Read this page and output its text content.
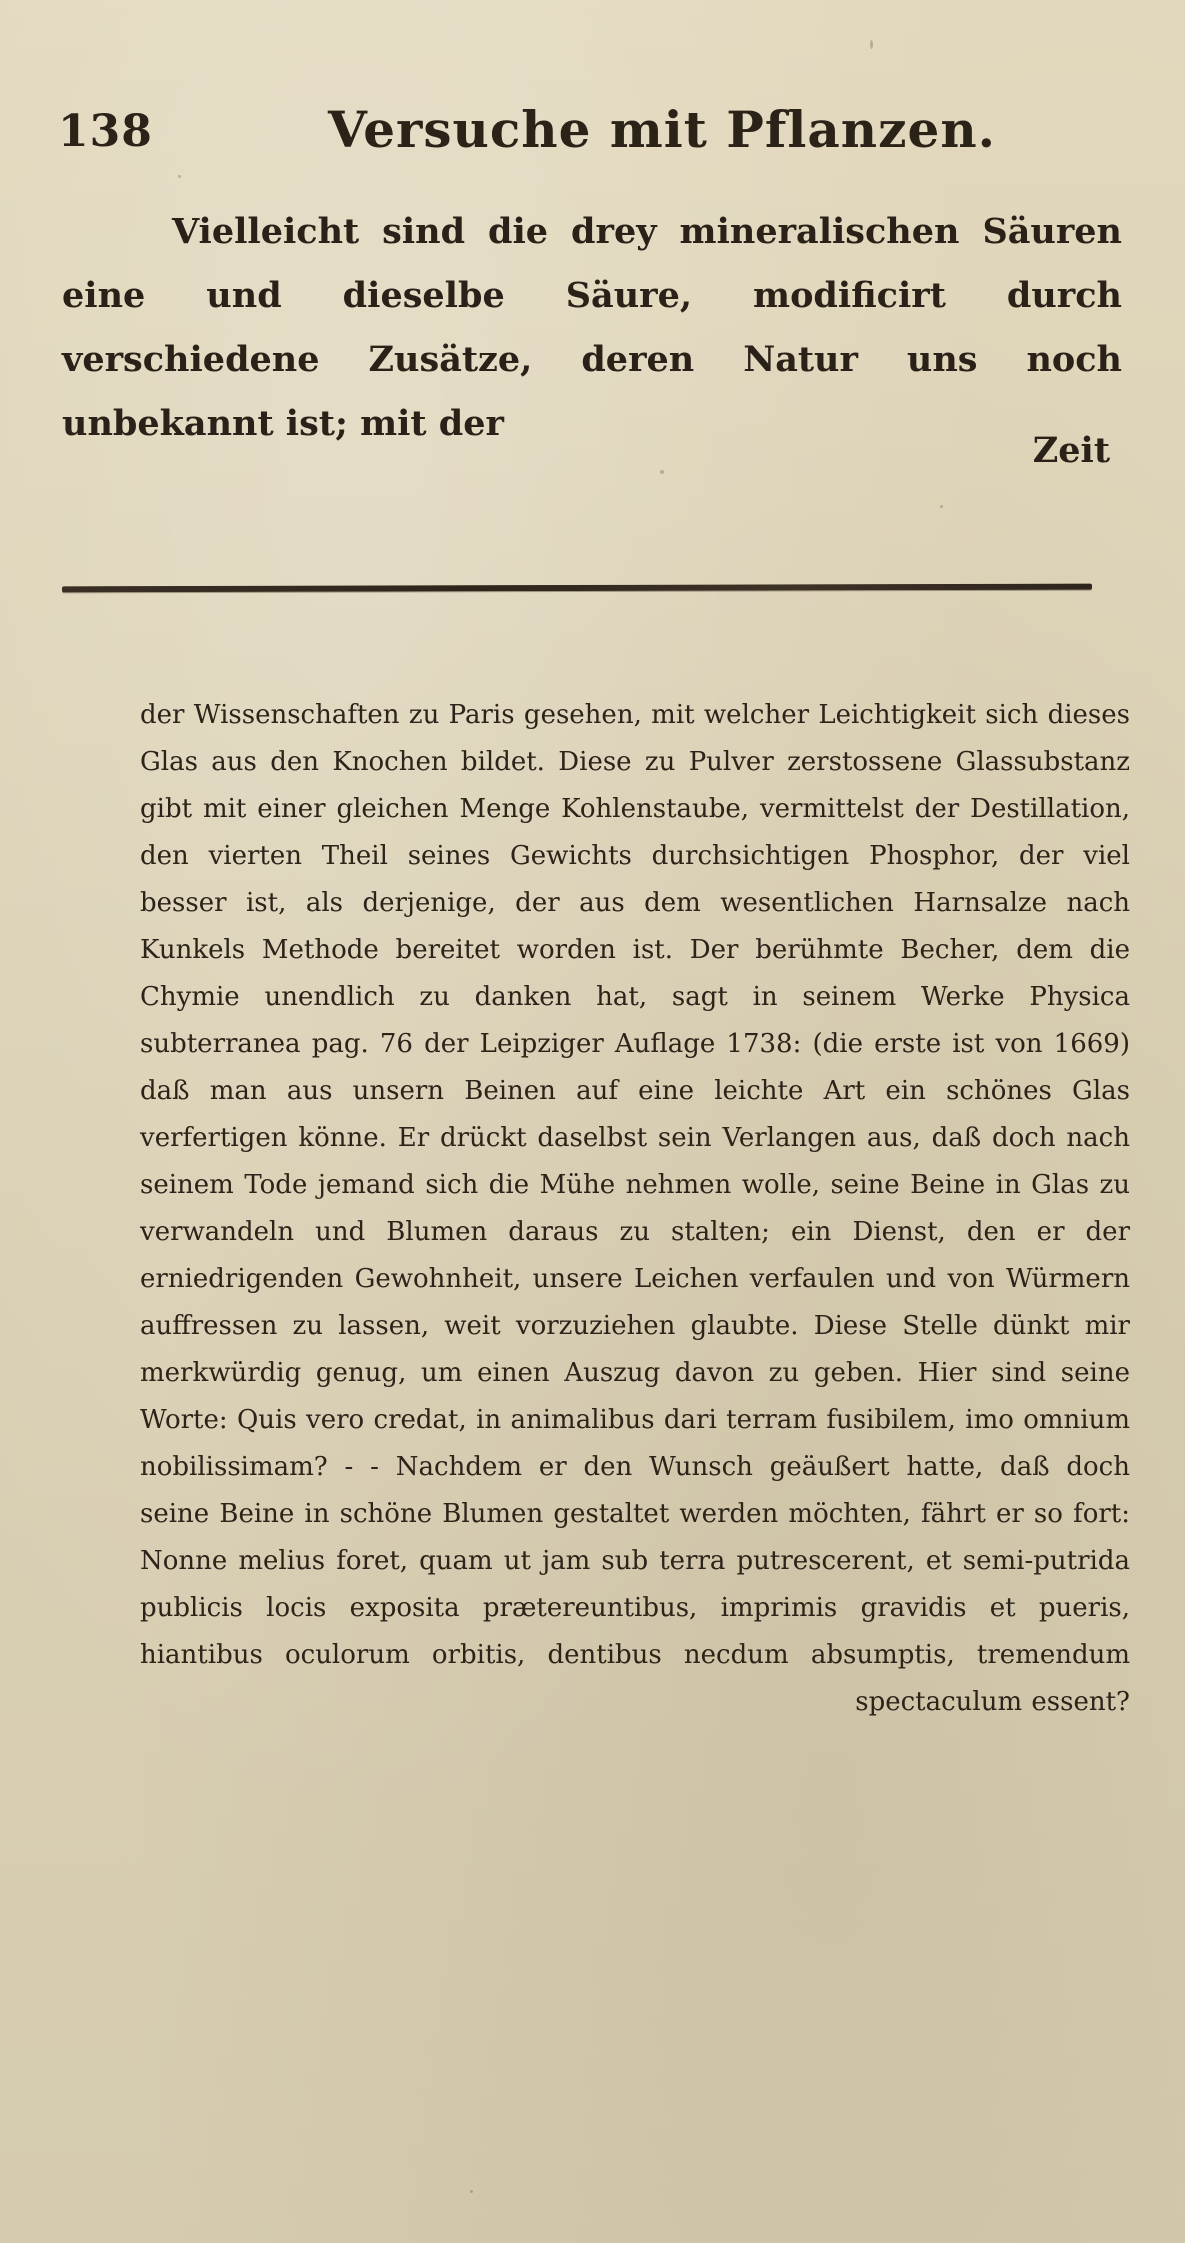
138	Versuche mit Pflanzen.

Vielleicht sind die drey mineralischen Säuren eine und dieselbe Säure, modificirt durch verschiedene Zusätze, deren Natur uns noch unbekannt ist; mit der

Zeit

der Wissenschaften zu Paris gesehen, mit welcher Leichtigkeit sich dieses Glas aus den Knochen bildet. Diese zu Pulver zerstossene Glassubstanz gibt mit einer gleichen Menge Kohlenstaube, vermittelst der Destillation, den vierten Theil seines Gewichts durchsichtigen Phosphor, der viel besser ist, als derjenige, der aus dem wesentlichen Harnsalze nach Kunkels Methode bereitet worden ist. Der berühmte Becher, dem die Chymie unendlich zu danken hat, sagt in seinem Werke Physica subterranea pag. 76 der Leipziger Auflage 1738: (die erste ist von 1669) daß man aus unsern Beinen auf eine leichte Art ein schönes Glas verfertigen könne. Er drückt daselbst sein Verlangen aus, daß doch nach seinem Tode jemand sich die Mühe nehmen wolle, seine Beine in Glas zu verwandeln und Blumen daraus zu stalten; ein Dienst, den er der erniedrigenden Gewohnheit, unsere Leichen verfaulen und von Würmern auffressen zu lassen, weit vorzuziehen glaubte. Diese Stelle dünkt mir merkwürdig genug, um einen Auszug davon zu geben. Hier sind seine Worte: Quis vero credat, in animalibus dari terram fusibilem, imo omnium nobilissimam? - - Nachdem er den Wunsch geäußert hatte, daß doch seine Beine in schöne Blumen gestaltet werden möchten, fährt er so fort: Nonne melius foret, quam ut jam sub terra putrescerent, et semi-putrida publicis locis exposita prætereuntibus, imprimis gravidis et pueris, hiantibus oculorum orbitis, dentibus necdum absumptis, tremendum spectaculum essent?
